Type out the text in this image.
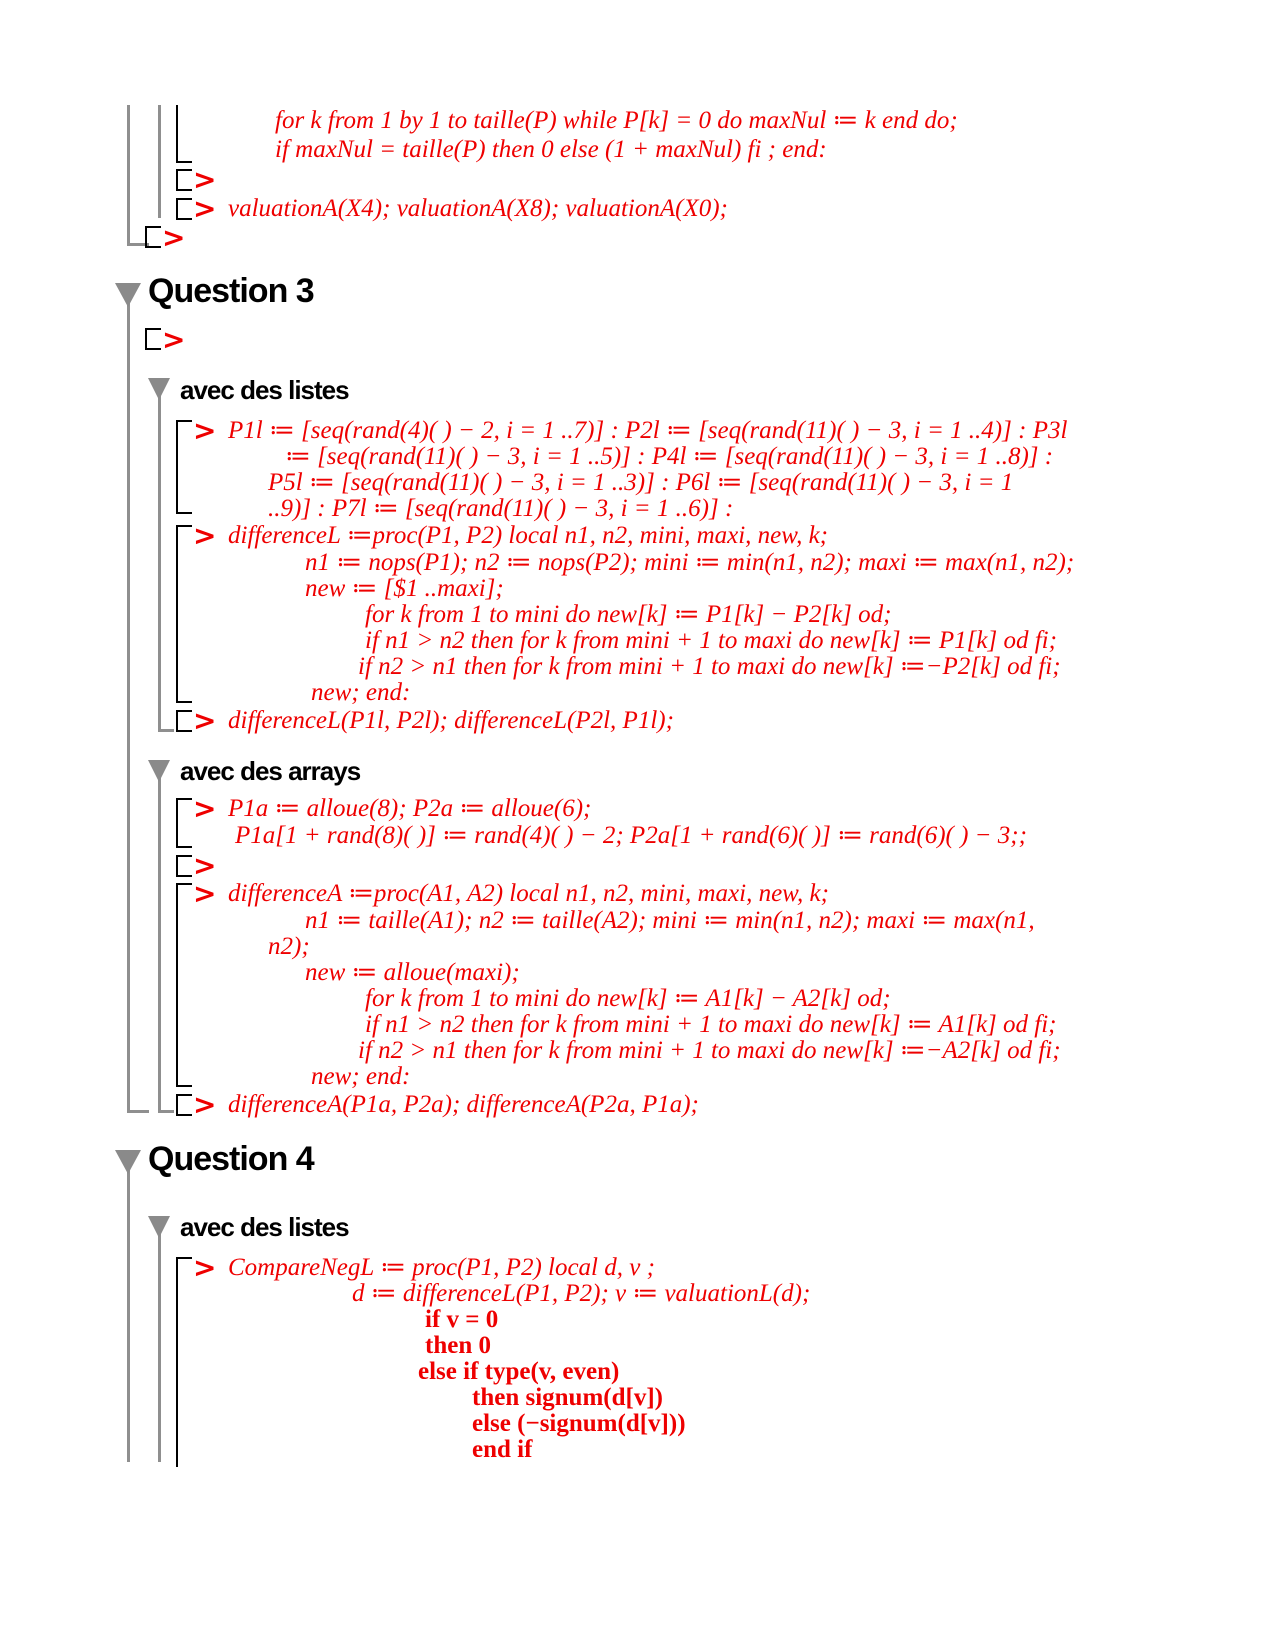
>
>
>
>
>
>
>
>
>
>
>
>
Question 3
avec des listes
avec des arrays
Question 4
avec des listes
for k from 1 by 1 to taille(P) while P[k] = 0 do maxNul ≔ k end do;
if maxNul = taille(P) then 0 else (1 + maxNul) fi ; end:
valuationA(X4); valuationA(X8); valuationA(X0);
P1l ≔ [seq(rand(4)( ) − 2, i = 1 ..7)] : P2l ≔ [seq(rand(11)( ) − 3, i = 1 ..4)] : P3l
≔ [seq(rand(11)( ) − 3, i = 1 ..5)] : P4l ≔ [seq(rand(11)( ) − 3, i = 1 ..8)] :
P5l ≔ [seq(rand(11)( ) − 3, i = 1 ..3)] : P6l ≔ [seq(rand(11)( ) − 3, i = 1
..9)] : P7l ≔ [seq(rand(11)( ) − 3, i = 1 ..6)] :
differenceL ≔proc(P1, P2) local n1, n2, mini, maxi, new, k;
n1 ≔ nops(P1); n2 ≔ nops(P2); mini ≔ min(n1, n2); maxi ≔ max(n1, n2);
new ≔ [$1 ..maxi];
for k from 1 to mini do new[k] ≔ P1[k] − P2[k] od;
if n1 > n2 then for k from mini + 1 to maxi do new[k] ≔ P1[k] od fi;
if n2 > n1 then for k from mini + 1 to maxi do new[k] ≔−P2[k] od fi;
new; end:
differenceL(P1l, P2l); differenceL(P2l, P1l);
P1a ≔ alloue(8); P2a ≔ alloue(6);
P1a[1 + rand(8)( )] ≔ rand(4)( ) − 2; P2a[1 + rand(6)( )] ≔ rand(6)( ) − 3;;
differenceA ≔proc(A1, A2) local n1, n2, mini, maxi, new, k;
n1 ≔ taille(A1); n2 ≔ taille(A2); mini ≔ min(n1, n2); maxi ≔ max(n1,
n2);
new ≔ alloue(maxi);
for k from 1 to mini do new[k] ≔ A1[k] − A2[k] od;
if n1 > n2 then for k from mini + 1 to maxi do new[k] ≔ A1[k] od fi;
if n2 > n1 then for k from mini + 1 to maxi do new[k] ≔−A2[k] od fi;
new; end:
differenceA(P1a, P2a); differenceA(P2a, P1a);
CompareNegL ≔ proc(P1, P2) local d, v ;
d ≔ differenceL(P1, P2); v ≔ valuationL(d);
if v = 0
then 0
else if type(v, even)
then signum(d[v])
else (−signum(d[v]))
end if
